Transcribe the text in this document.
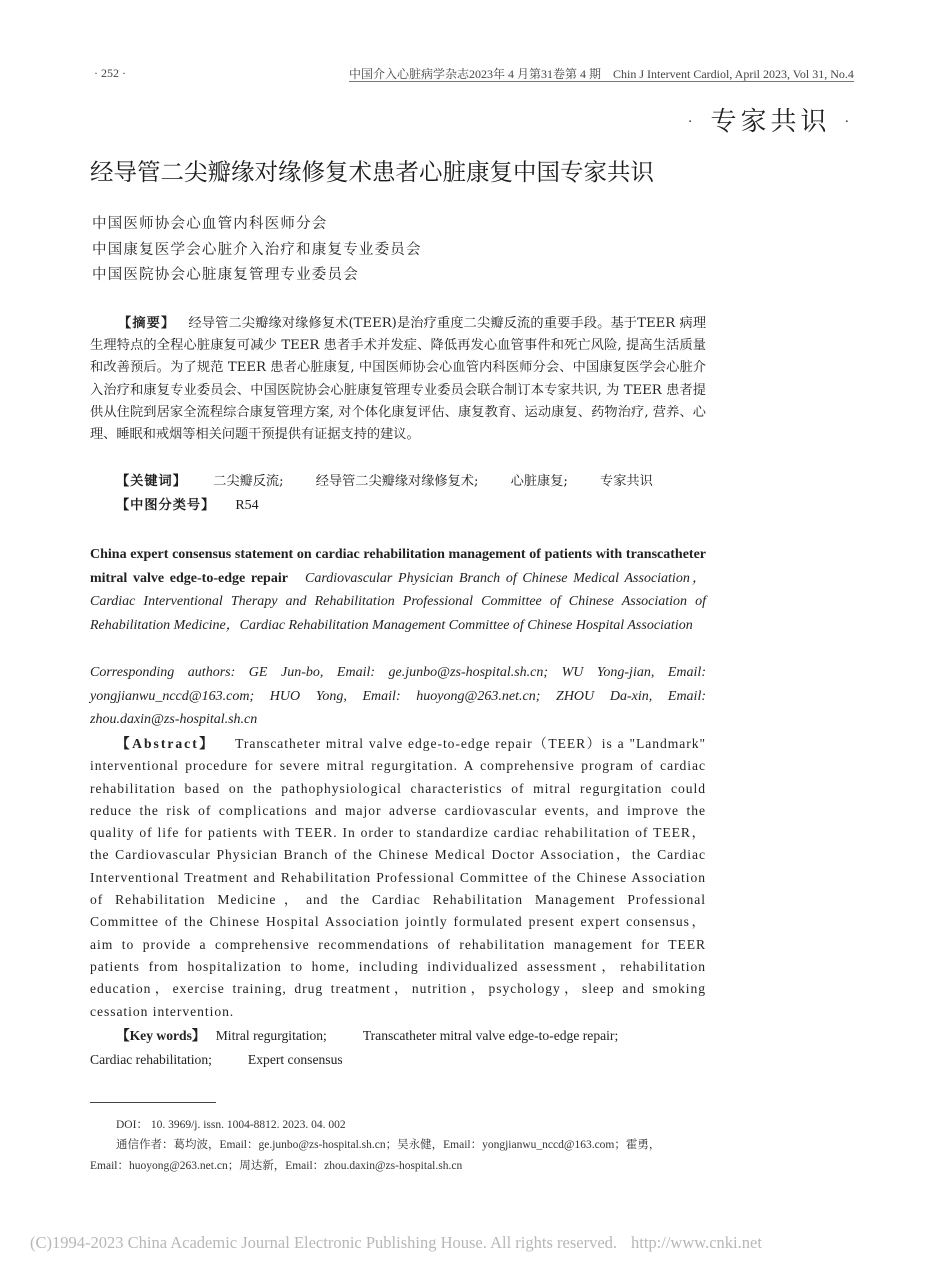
· 252 ·	中国介入心脏病学杂志2023年 4 月第31卷第 4 期　Chin J Intervent Cardiol, April 2023, Vol 31, No.4
· 专家共识 ·
经导管二尖瓣缘对缘修复术患者心脏康复中国专家共识
中国医师协会心血管内科医师分会
中国康复医学会心脏介入治疗和康复专业委员会
中国医院协会心脏康复管理专业委员会
【摘要】 经导管二尖瓣缘对缘修复术(TEER)是治疗重度二尖瓣反流的重要手段。基于TEER 病理生理特点的全程心脏康复可减少 TEER 患者手术并发症、降低再发心血管事件和死亡风险, 提高生活质量和改善预后。为了规范 TEER 患者心脏康复, 中国医师协会心血管内科医师分会、中国康复医学会心脏介入治疗和康复专业委员会、中国医院协会心脏康复管理专业委员会联合制订本专家共识, 为 TEER 患者提供从住院到居家全流程综合康复管理方案, 对个体化康复评估、康复教育、运动康复、药物治疗, 营养、心理、睡眠和戒烟等相关问题干预提供有证据支持的建议。
【关键词】 二尖瓣反流; 经导管二尖瓣缘对缘修复术; 心脏康复; 专家共识
【中图分类号】 R54
China expert consensus statement on cardiac rehabilitation management of patients with transcatheter mitral valve edge-to-edge repair Cardiovascular Physician Branch of Chinese Medical Association，Cardiac Interventional Therapy and Rehabilitation Professional Committee of Chinese Association of Rehabilitation Medicine，Cardiac Rehabilitation Management Committee of Chinese Hospital Association
Corresponding authors: GE Jun-bo, Email: ge.junbo@zs-hospital.sh.cn; WU Yong-jian, Email: yongjianwu_nccd@163.com; HUO Yong, Email: huoyong@263.net.cn; ZHOU Da-xin, Email: zhou.daxin@zs-hospital.sh.cn

【Abstract】 Transcatheter mitral valve edge-to-edge repair（TEER）is a "Landmark" interventional procedure for severe mitral regurgitation. A comprehensive program of cardiac rehabilitation based on the pathophysiological characteristics of mitral regurgitation could reduce the risk of complications and major adverse cardiovascular events, and improve the quality of life for patients with TEER. In order to standardize cardiac rehabilitation of TEER，the Cardiovascular Physician Branch of the Chinese Medical Doctor Association，the Cardiac Interventional Treatment and Rehabilitation Professional Committee of the Chinese Association of Rehabilitation Medicine，and the Cardiac Rehabilitation Management Professional Committee of the Chinese Hospital Association jointly formulated present expert consensus，aim to provide a comprehensive recommendations of rehabilitation management for TEER patients from hospitalization to home, including individualized assessment，rehabilitation education，exercise training, drug treatment，nutrition，psychology，sleep and smoking cessation intervention.

【Key words】 Mitral regurgitation;	Transcatheter mitral valve edge-to-edge repair;
Cardiac rehabilitation;	Expert consensus
DOI： 10. 3969/j. issn. 1004-8812. 2023. 04. 002
通信作者：葛均波，Email：ge.junbo@zs-hospital.sh.cn；吴永健，Email：yongjianwu_nccd@163.com；霍勇，
Email：huoyong@263.net.cn；周达新，Email：zhou.daxin@zs-hospital.sh.cn
(C)1994-2023 China Academic Journal Electronic Publishing House. All rights reserved. http://www.cnki.net
